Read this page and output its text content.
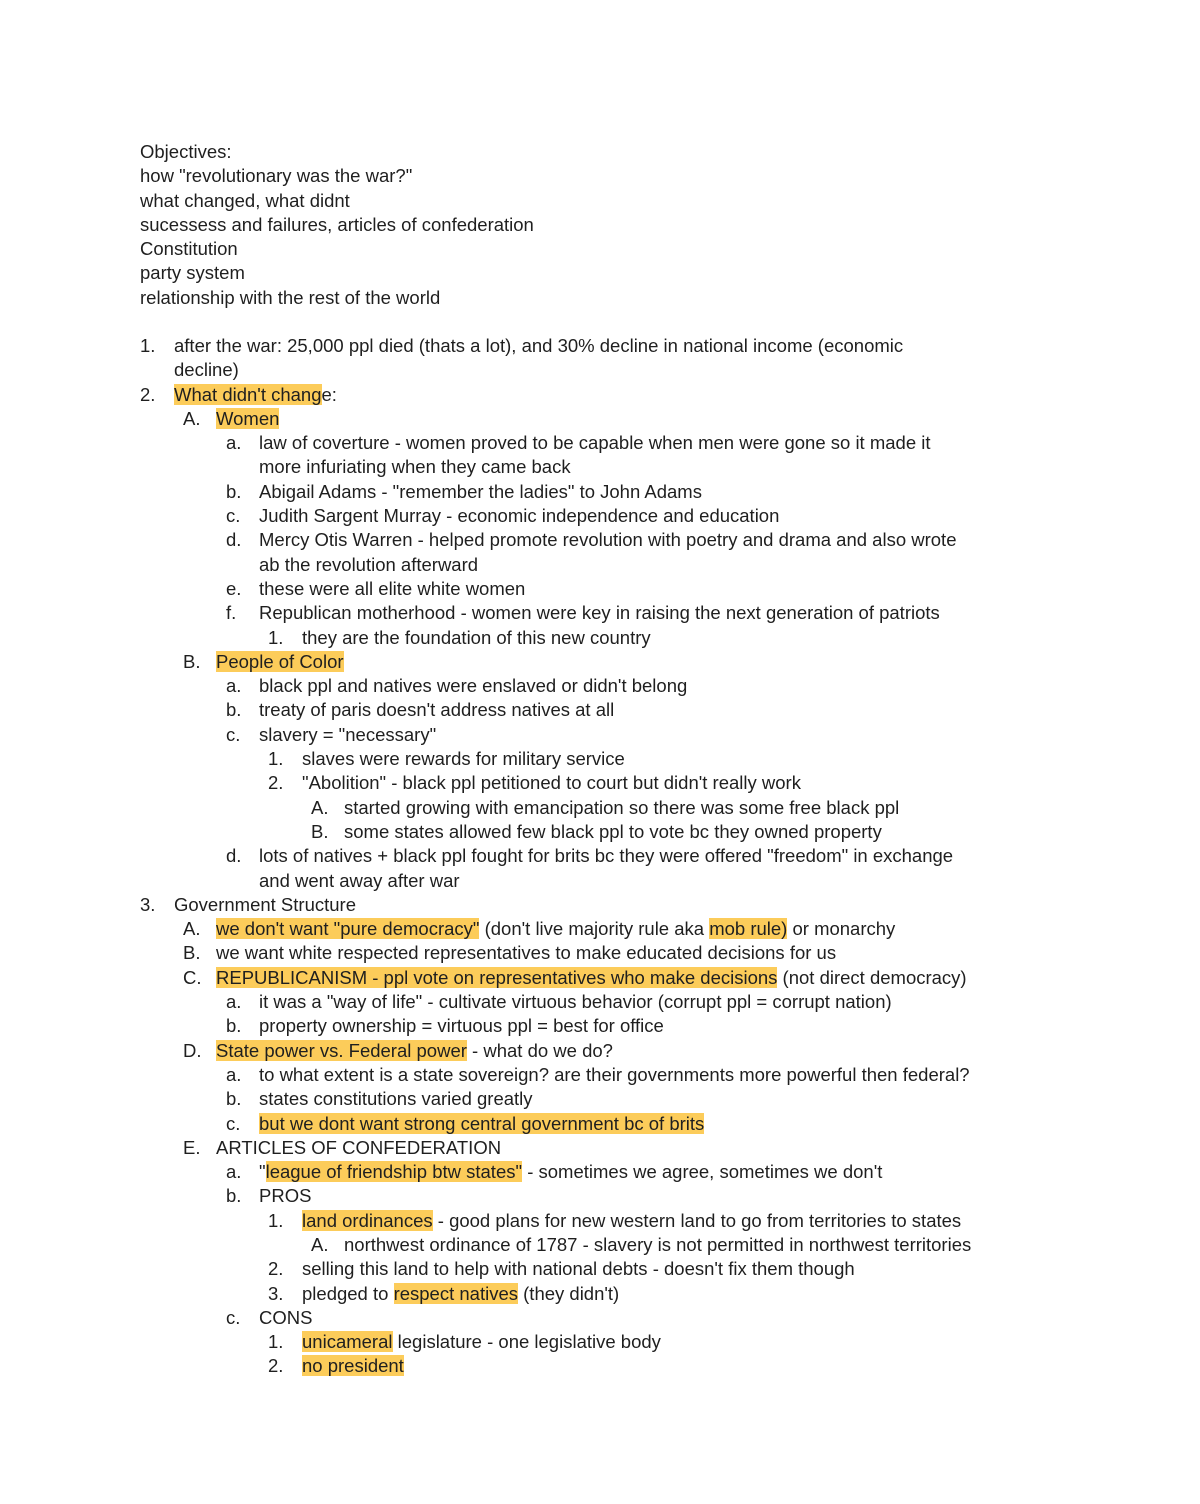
Objectives:
how "revolutionary was the war?"
what changed, what didnt
sucessess and failures, articles of confederation
Constitution
party system
relationship with the rest of the world
1. after the war: 25,000 ppl died (thats a lot), and 30% decline in national income (economic
decline)
2. What didn't change:
A. Women
a. law of coverture - women proved to be capable when men were gone so it made it
more infuriating when they came back
b. Abigail Adams - "remember the ladies" to John Adams
c. Judith Sargent Murray - economic independence and education
d. Mercy Otis Warren - helped promote revolution with poetry and drama and also wrote
ab the revolution afterward
e. these were all elite white women
f. Republican motherhood - women were key in raising the next generation of patriots
1. they are the foundation of this new country
B. People of Color
a. black ppl and natives were enslaved or didn't belong
b. treaty of paris doesn't address natives at all
c. slavery = "necessary"
1. slaves were rewards for military service
2. "Abolition" - black ppl petitioned to court but didn't really work
A. started growing with emancipation so there was some free black ppl
B. some states allowed few black ppl to vote bc they owned property
d. lots of natives + black ppl fought for brits bc they were offered "freedom" in exchange
and went away after war
3. Government Structure
A. we don't want "pure democracy" (don't live majority rule aka mob rule) or monarchy
B. we want white respected representatives to make educated decisions for us
C. REPUBLICANISM - ppl vote on representatives who make decisions (not direct democracy)
a. it was a "way of life" - cultivate virtuous behavior (corrupt ppl = corrupt nation)
b. property ownership = virtuous ppl = best for office
D. State power vs. Federal power - what do we do?
a. to what extent is a state sovereign? are their governments more powerful then federal?
b. states constitutions varied greatly
c. but we dont want strong central government bc of brits
E. ARTICLES OF CONFEDERATION
a. "league of friendship btw states" - sometimes we agree, sometimes we don't
b. PROS
1. land ordinances - good plans for new western land to go from territories to states
A. northwest ordinance of 1787 - slavery is not permitted in northwest territories
2. selling this land to help with national debts - doesn't fix them though
3. pledged to respect natives (they didn't)
c. CONS
1. unicameral legislature - one legislative body
2. no president
